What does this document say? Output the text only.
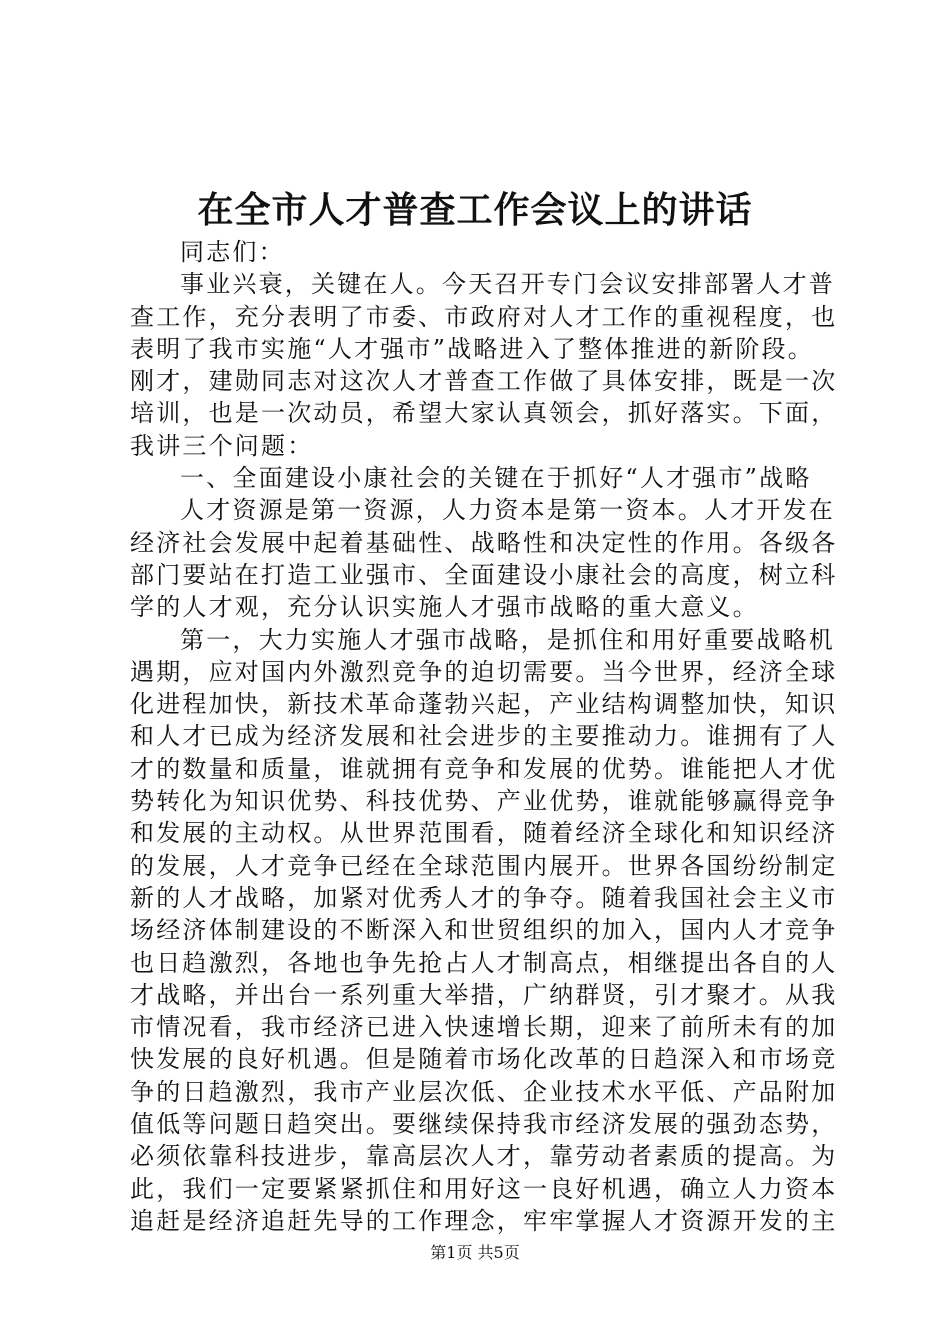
在全市人才普查工作会议上的讲话
同志们：
事业兴衰，关键在人。今天召开专门会议安排部署人才普
查工作，充分表明了市委、市政府对人才工作的重视程度，也
表明了我市实施“人才强市”战略进入了整体推进的新阶段。
刚才，建勋同志对这次人才普查工作做了具体安排，既是一次
培训，也是一次动员，希望大家认真领会，抓好落实。下面，
我讲三个问题：
一、全面建设小康社会的关键在于抓好“人才强市”战略
人才资源是第一资源，人力资本是第一资本。人才开发在
经济社会发展中起着基础性、战略性和决定性的作用。各级各
部门要站在打造工业强市、全面建设小康社会的高度，树立科
学的人才观，充分认识实施人才强市战略的重大意义。
第一，大力实施人才强市战略，是抓住和用好重要战略机
遇期，应对国内外激烈竞争的迫切需要。当今世界，经济全球
化进程加快，新技术革命蓬勃兴起，产业结构调整加快，知识
和人才已成为经济发展和社会进步的主要推动力。谁拥有了人
才的数量和质量，谁就拥有竞争和发展的优势。谁能把人才优
势转化为知识优势、科技优势、产业优势，谁就能够赢得竞争
和发展的主动权。从世界范围看，随着经济全球化和知识经济
的发展，人才竞争已经在全球范围内展开。世界各国纷纷制定
新的人才战略，加紧对优秀人才的争夺。随着我国社会主义市
场经济体制建设的不断深入和世贸组织的加入，国内人才竞争
也日趋激烈，各地也争先抢占人才制高点，相继提出各自的人
才战略，并出台一系列重大举措，广纳群贤，引才聚才。从我
市情况看，我市经济已进入快速增长期，迎来了前所未有的加
快发展的良好机遇。但是随着市场化改革的日趋深入和市场竞
争的日趋激烈，我市产业层次低、企业技术水平低、产品附加
值低等问题日趋突出。要继续保持我市经济发展的强劲态势，
必须依靠科技进步，靠高层次人才，靠劳动者素质的提高。为
此，我们一定要紧紧抓住和用好这一良好机遇，确立人力资本
追赶是经济追赶先导的工作理念，牢牢掌握人才资源开发的主
第1页 共5页
